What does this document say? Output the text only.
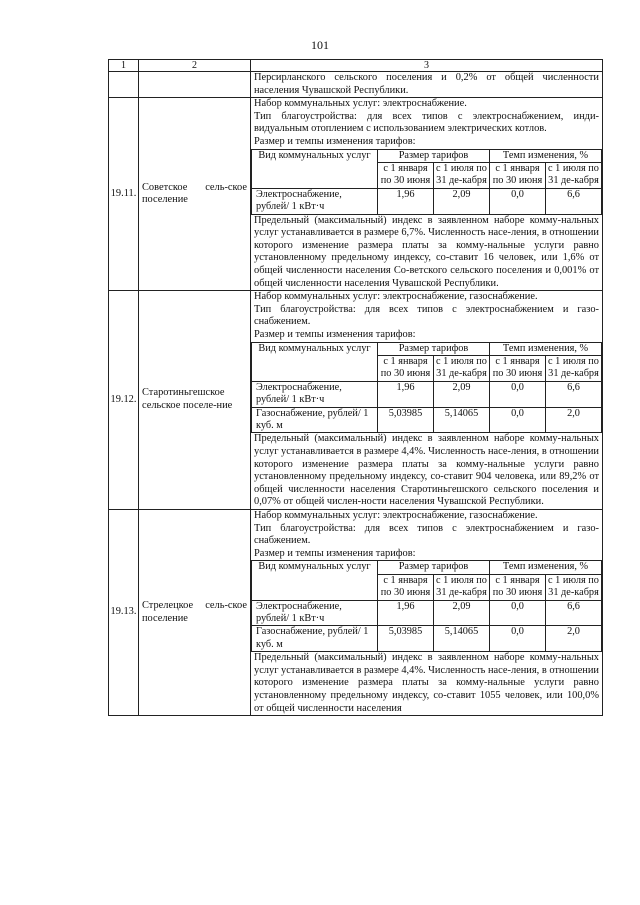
101
1	2	3
		Персирланского сельского поселения и 0,2% от общей численности населения Чувашской Республики.
19.11.	Советское сель-ское поселение	
Набор коммунальных услуг: электроснабжение.
Тип благоустройства: для всех типов с электроснабжением, инди-видуальным отоплением с использованием электрических котлов.
Размер и темпы изменения тарифов:
Вид коммунальных услуг	Размер тарифов	Темп изменения, %
с 1 января по 30 июня	с 1 июля по 31 де-кабря	с 1 января по 30 июня	с 1 июля по 31 де-кабря
Электроснабжение, рублей/ 1 кВт·ч	1,96	2,09	0,0	6,6
Предельный (максимальный) индекс в заявленном наборе комму-нальных услуг устанавливается в размере 6,7%. Численность насе-ления, в отношении которого изменение размера платы за комму-нальные услуги равно установленному предельному индексу, со-ставит 16 человек, или 1,6% от общей численности населения Со-ветского сельского поселения и 0,001% от общей численности населения Чувашской Республики.

19.12.	Старотиньгешское сельское поселе-ние	
Набор коммунальных услуг: электроснабжение, газоснабжение.
Тип благоустройства: для всех типов с электроснабжением и газо-снабжением.
Размер и темпы изменения тарифов:
Вид коммунальных услуг	Размер тарифов	Темп изменения, %
с 1 января по 30 июня	с 1 июля по 31 де-кабря	с 1 января по 30 июня	с 1 июля по 31 де-кабря
Электроснабжение, рублей/ 1 кВт·ч	1,96	2,09	0,0	6,6
Газоснабжение, рублей/ 1 куб. м	5,03985	5,14065	0,0	2,0
Предельный (максимальный) индекс в заявленном наборе комму-нальных услуг устанавливается в размере 4,4%. Численность насе-ления, в отношении которого изменение размера платы за комму-нальные услуги равно установленному предельному индексу, со-ставит 904 человека, или 89,2% от общей численности населения Старотиньгешского сельского поселения и 0,07% от общей числен-ности населения Чувашской Республики.

19.13.	Стрелецкое сель-ское поселение	
Набор коммунальных услуг: электроснабжение, газоснабжение.
Тип благоустройства: для всех типов с электроснабжением и газо-снабжением.
Размер и темпы изменения тарифов:
Вид коммунальных услуг	Размер тарифов	Темп изменения, %
с 1 января по 30 июня	с 1 июля по 31 де-кабря	с 1 января по 30 июня	с 1 июля по 31 де-кабря
Электроснабжение, рублей/ 1 кВт·ч	1,96	2,09	0,0	6,6
Газоснабжение, рублей/ 1 куб. м	5,03985	5,14065	0,0	2,0
Предельный (максимальный) индекс в заявленном наборе комму-нальных услуг устанавливается в размере 4,4%. Численность насе-ления, в отношении которого изменение размера платы за комму-нальные услуги равно установленному предельному индексу, со-ставит 1055 человек, или 100,0% от общей численности населения
